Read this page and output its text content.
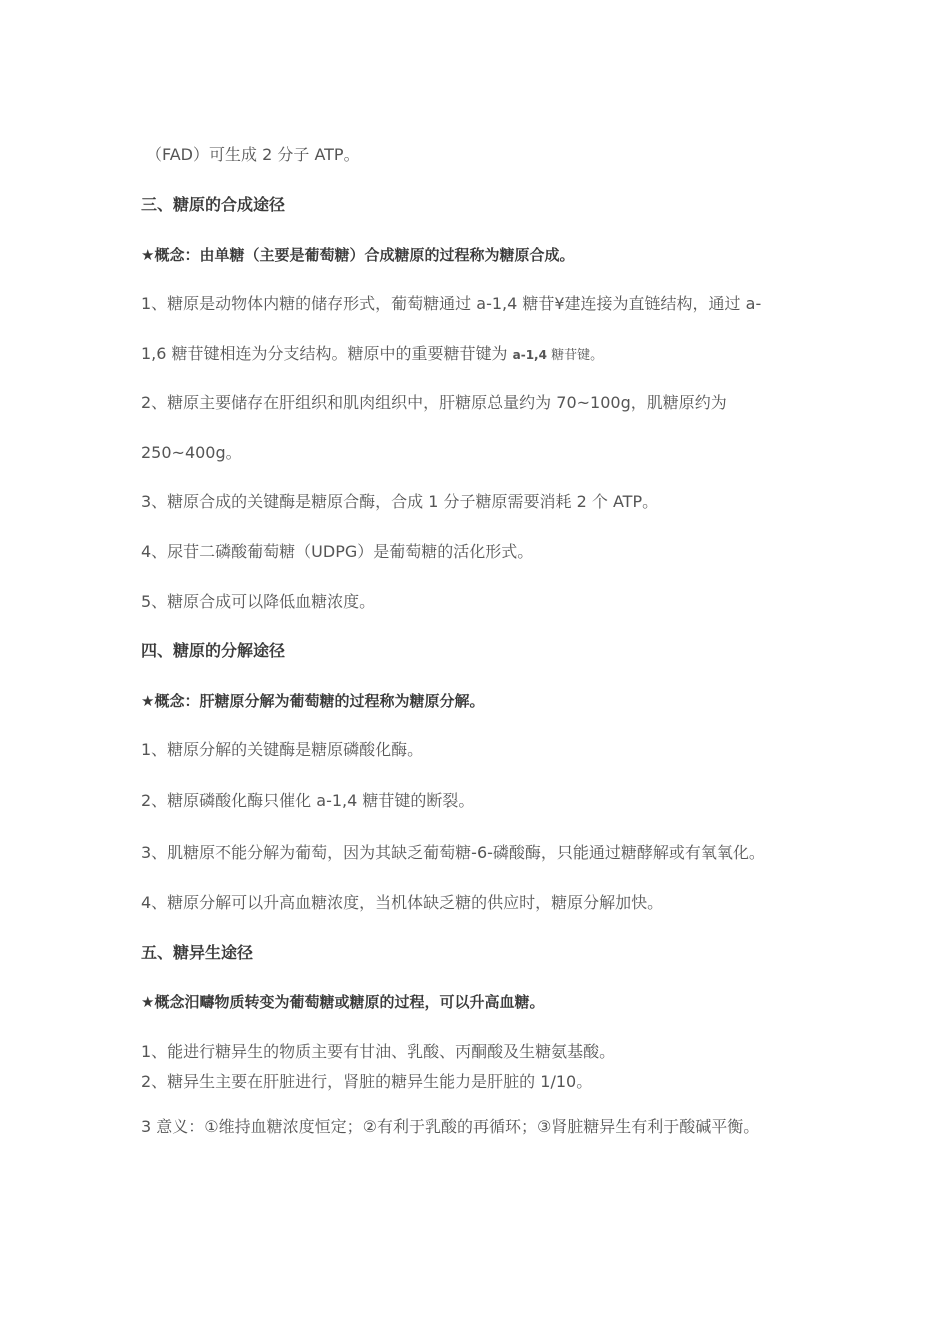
（FAD）可生成 2 分子 ATP。
三、糖原的合成途径
★概念：由单糖（主要是葡萄糖）合成糖原的过程称为糖原合成。
1、糖原是动物体内糖的储存形式，葡萄糖通过 a-1,4 糖苷¥建连接为直链结构，通过 a-
1,6 糖苷键相连为分支结构。糖原中的重要糖苷键为 a-1,4 糖苷键。
2、糖原主要储存在肝组织和肌肉组织中，肝糖原总量约为 70~100g，肌糖原约为
250~400g。
3、糖原合成的关键酶是糖原合酶，合成 1 分子糖原需要消耗 2 个 ATP。
4、尿苷二磷酸葡萄糖（UDPG）是葡萄糖的活化形式。
5、糖原合成可以降低血糖浓度。
四、糖原的分解途径
★概念：肝糖原分解为葡萄糖的过程称为糖原分解。
1、糖原分解的关键酶是糖原磷酸化酶。
2、糖原磷酸化酶只催化 a-1,4 糖苷键的断裂。
3、肌糖原不能分解为葡萄，因为其缺乏葡萄糖-6-磷酸酶，只能通过糖酵解或有氧氧化。
4、糖原分解可以升高血糖浓度，当机体缺乏糖的供应时，糖原分解加快。
五、糖异生途径
★概念汨疇物质转变为葡萄糖或糖原的过程，可以升高血糖。
1、能进行糖异生的物质主要有甘油、乳酸、丙酮酸及生糖氨基酸。
2、糖异生主要在肝脏进行，肾脏的糖异生能力是肝脏的 1/10。
3 意义：①维持血糖浓度恒定；②有利于乳酸的再循环；③肾脏糖异生有利于酸碱平衡。
